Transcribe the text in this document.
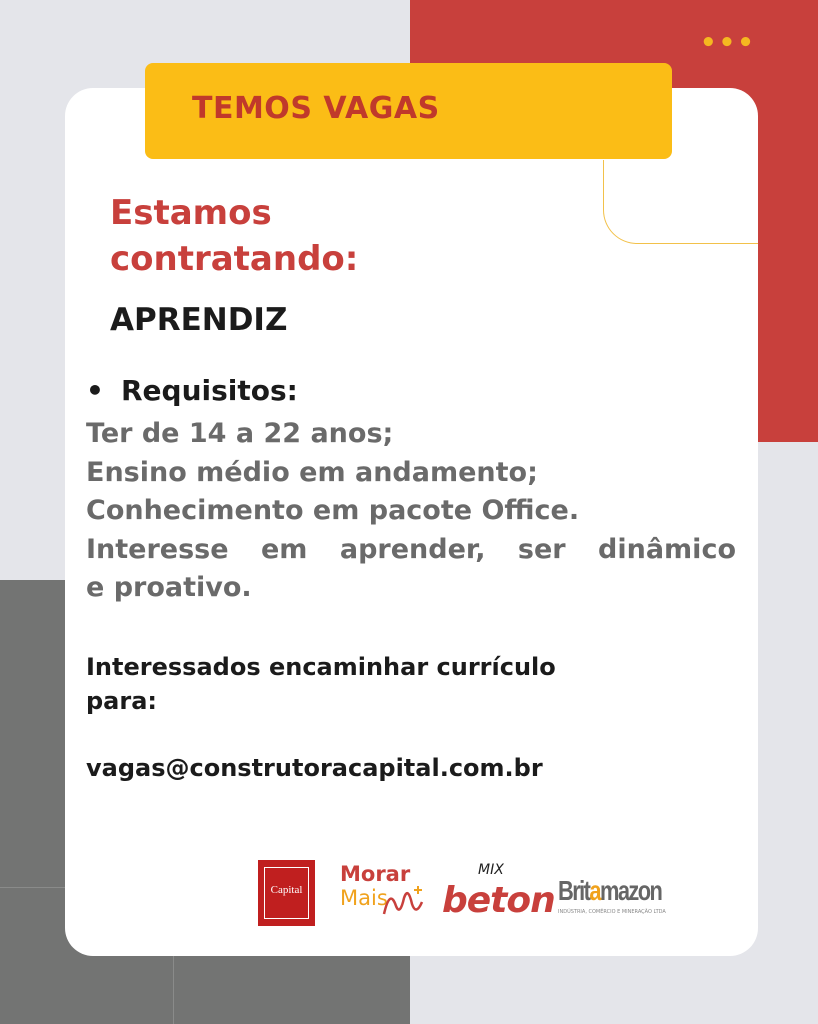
•••
TEMOS VAGAS
Estamos
contratando:
APRENDIZ
• Requisitos:
Ter de 14 a 22 anos;
Ensino médio em andamento;
Conhecimento em pacote Office.
Interesse em aprender, ser dinâmico
e proativo.
Interessados encaminhar currículo
para:
vagas@construtoracapital.com.br
Capital
Morar
Mais
MIX
beton Britamazon
INDÚSTRIA, COMÉRCIO E MINERAÇÃO LTDA
